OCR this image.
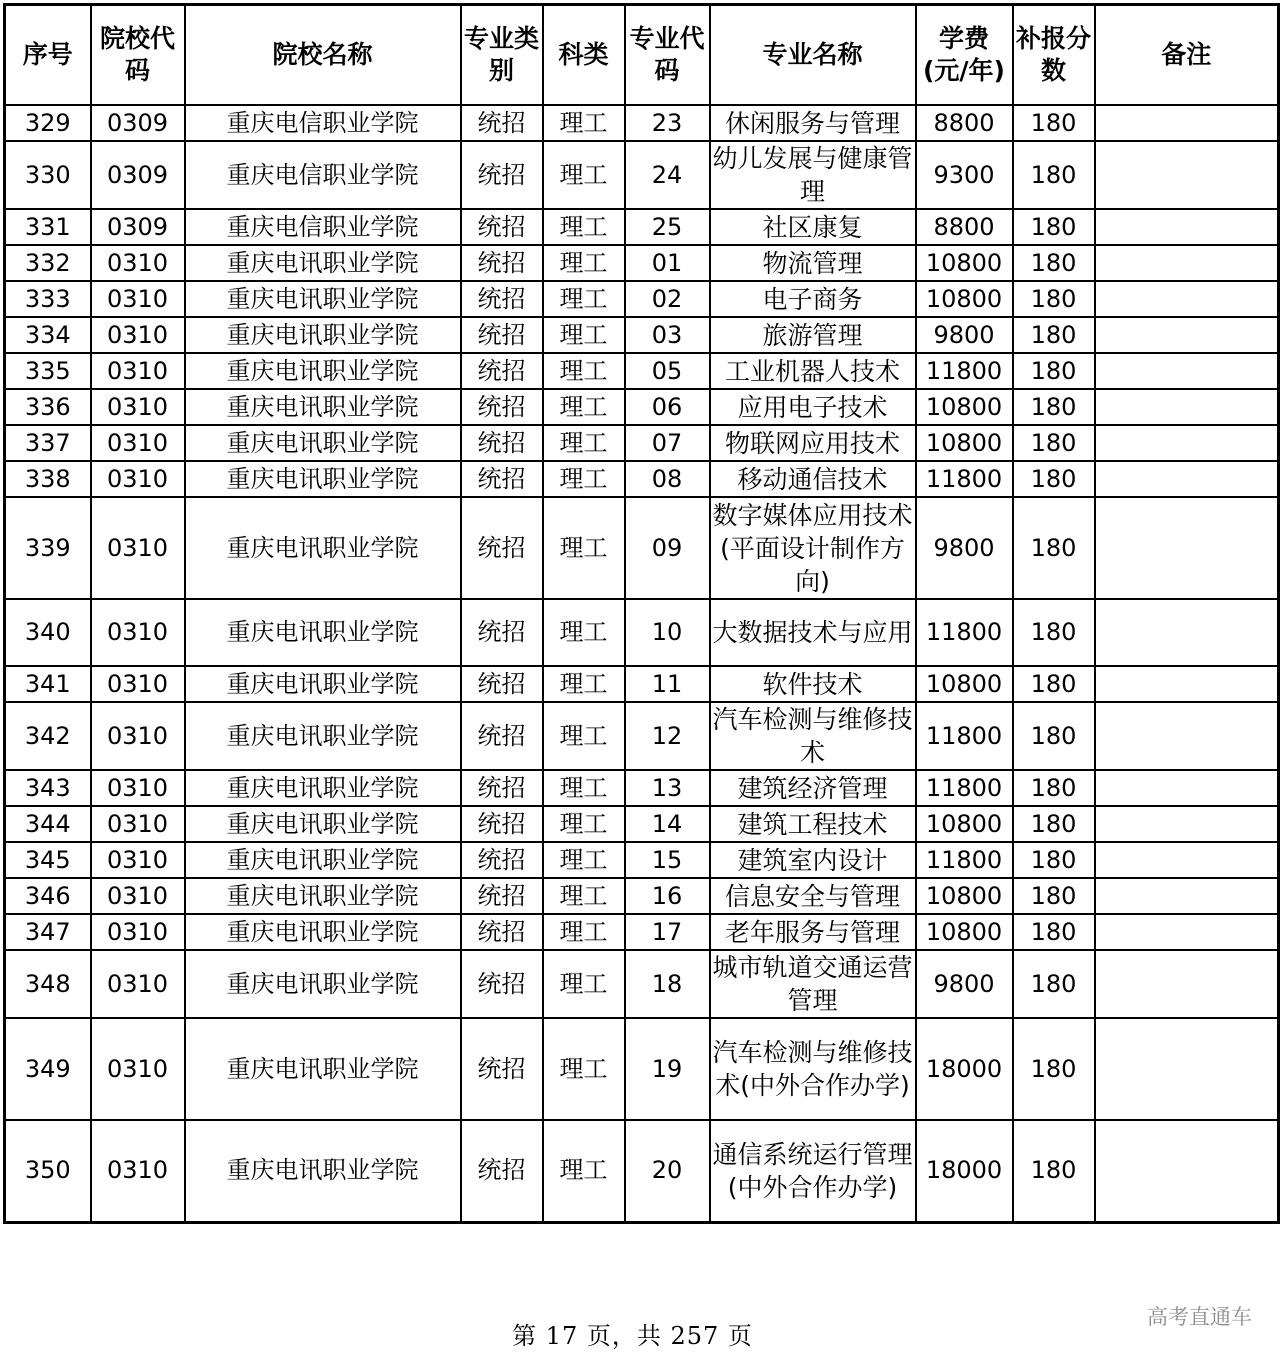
序号	院校代码	院校名称	专业类别	科类	专业代码	专业名称	学费(元/年)	补报分数	备注
329	0309	重庆电信职业学院	统招	理工	23	休闲服务与管理	8800	180	
330	0309	重庆电信职业学院	统招	理工	24	幼儿发展与健康管理	9300	180	
331	0309	重庆电信职业学院	统招	理工	25	社区康复	8800	180	
332	0310	重庆电讯职业学院	统招	理工	01	物流管理	10800	180	
333	0310	重庆电讯职业学院	统招	理工	02	电子商务	10800	180	
334	0310	重庆电讯职业学院	统招	理工	03	旅游管理	9800	180	
335	0310	重庆电讯职业学院	统招	理工	05	工业机器人技术	11800	180	
336	0310	重庆电讯职业学院	统招	理工	06	应用电子技术	10800	180	
337	0310	重庆电讯职业学院	统招	理工	07	物联网应用技术	10800	180	
338	0310	重庆电讯职业学院	统招	理工	08	移动通信技术	11800	180	
339	0310	重庆电讯职业学院	统招	理工	09	数字媒体应用技术(平面设计制作方向)	9800	180	
340	0310	重庆电讯职业学院	统招	理工	10	大数据技术与应用	11800	180	
341	0310	重庆电讯职业学院	统招	理工	11	软件技术	10800	180	
342	0310	重庆电讯职业学院	统招	理工	12	汽车检测与维修技术	11800	180	
343	0310	重庆电讯职业学院	统招	理工	13	建筑经济管理	11800	180	
344	0310	重庆电讯职业学院	统招	理工	14	建筑工程技术	10800	180	
345	0310	重庆电讯职业学院	统招	理工	15	建筑室内设计	11800	180	
346	0310	重庆电讯职业学院	统招	理工	16	信息安全与管理	10800	180	
347	0310	重庆电讯职业学院	统招	理工	17	老年服务与管理	10800	180	
348	0310	重庆电讯职业学院	统招	理工	18	城市轨道交通运营管理	9800	180	
349	0310	重庆电讯职业学院	统招	理工	19	汽车检测与维修技术(中外合作办学)	18000	180	
350	0310	重庆电讯职业学院	统招	理工	20	通信系统运行管理(中外合作办学)	18000	180	
第 17 页，共 257 页
高考直通车
